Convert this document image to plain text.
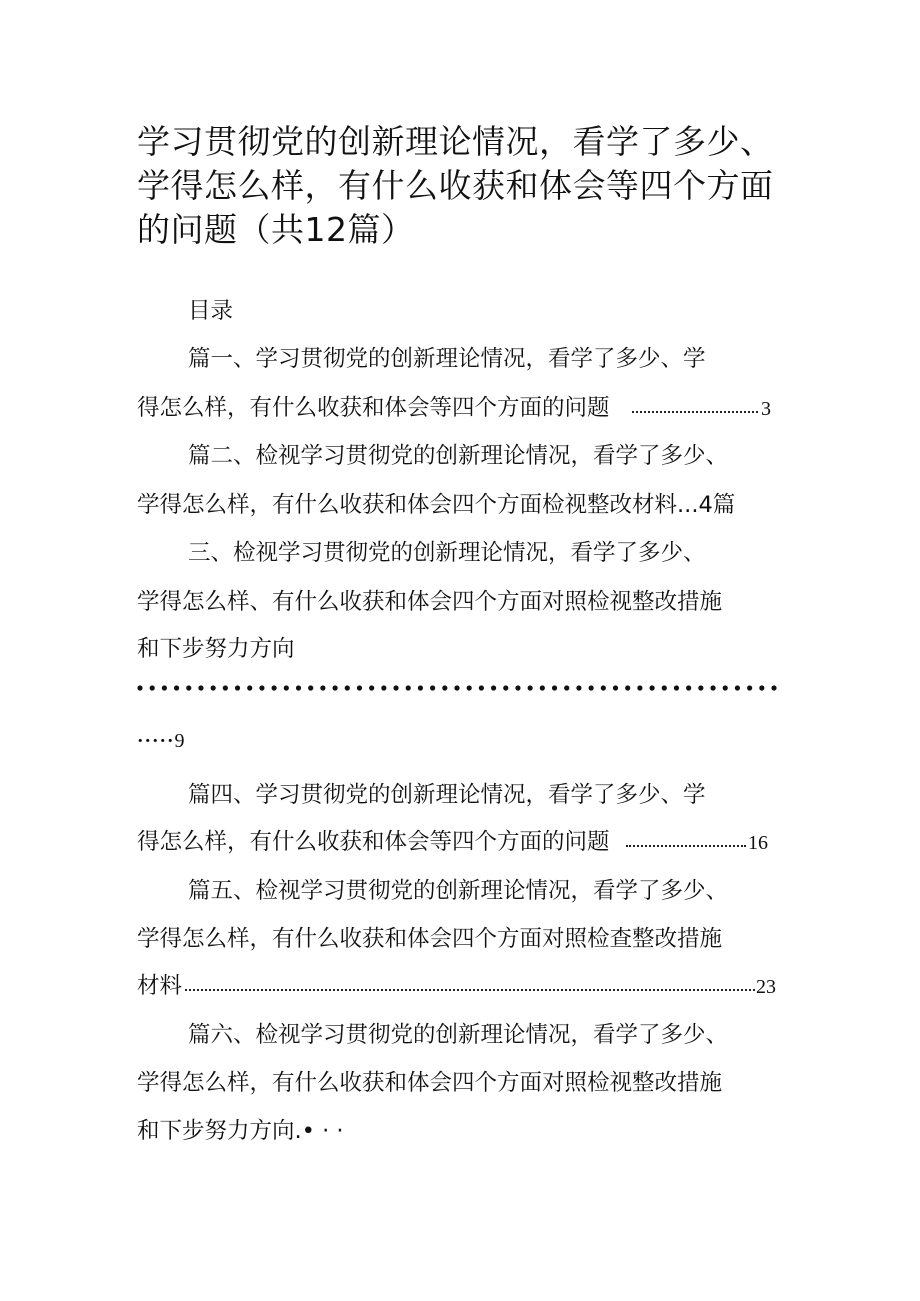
学习贯彻党的创新理论情况，看学了多少、
学得怎么样，有什么收获和体会等四个方面
的问题（共12篇）
目录
篇一、学习贯彻党的创新理论情况，看学了多少、学
得怎么样，有什么收获和体会等四个方面的问题	3
篇二、检视学习贯彻党的创新理论情况，看学了多少、
学得怎么样，有什么收获和体会四个方面检视整改材料...4篇
三、检视学习贯彻党的创新理论情况，看学了多少、
学得怎么样、有什么收获和体会四个方面对照检视整改措施
和下步努力方向
•••••9
篇四、学习贯彻党的创新理论情况，看学了多少、学
得怎么样，有什么收获和体会等四个方面的问题	16
篇五、检视学习贯彻党的创新理论情况，看学了多少、
学得怎么样，有什么收获和体会四个方面对照检查整改措施
材料	23
篇六、检视学习贯彻党的创新理论情况，看学了多少、
学得怎么样，有什么收获和体会四个方面对照检视整改措施
和下步努力方向.• · ·
